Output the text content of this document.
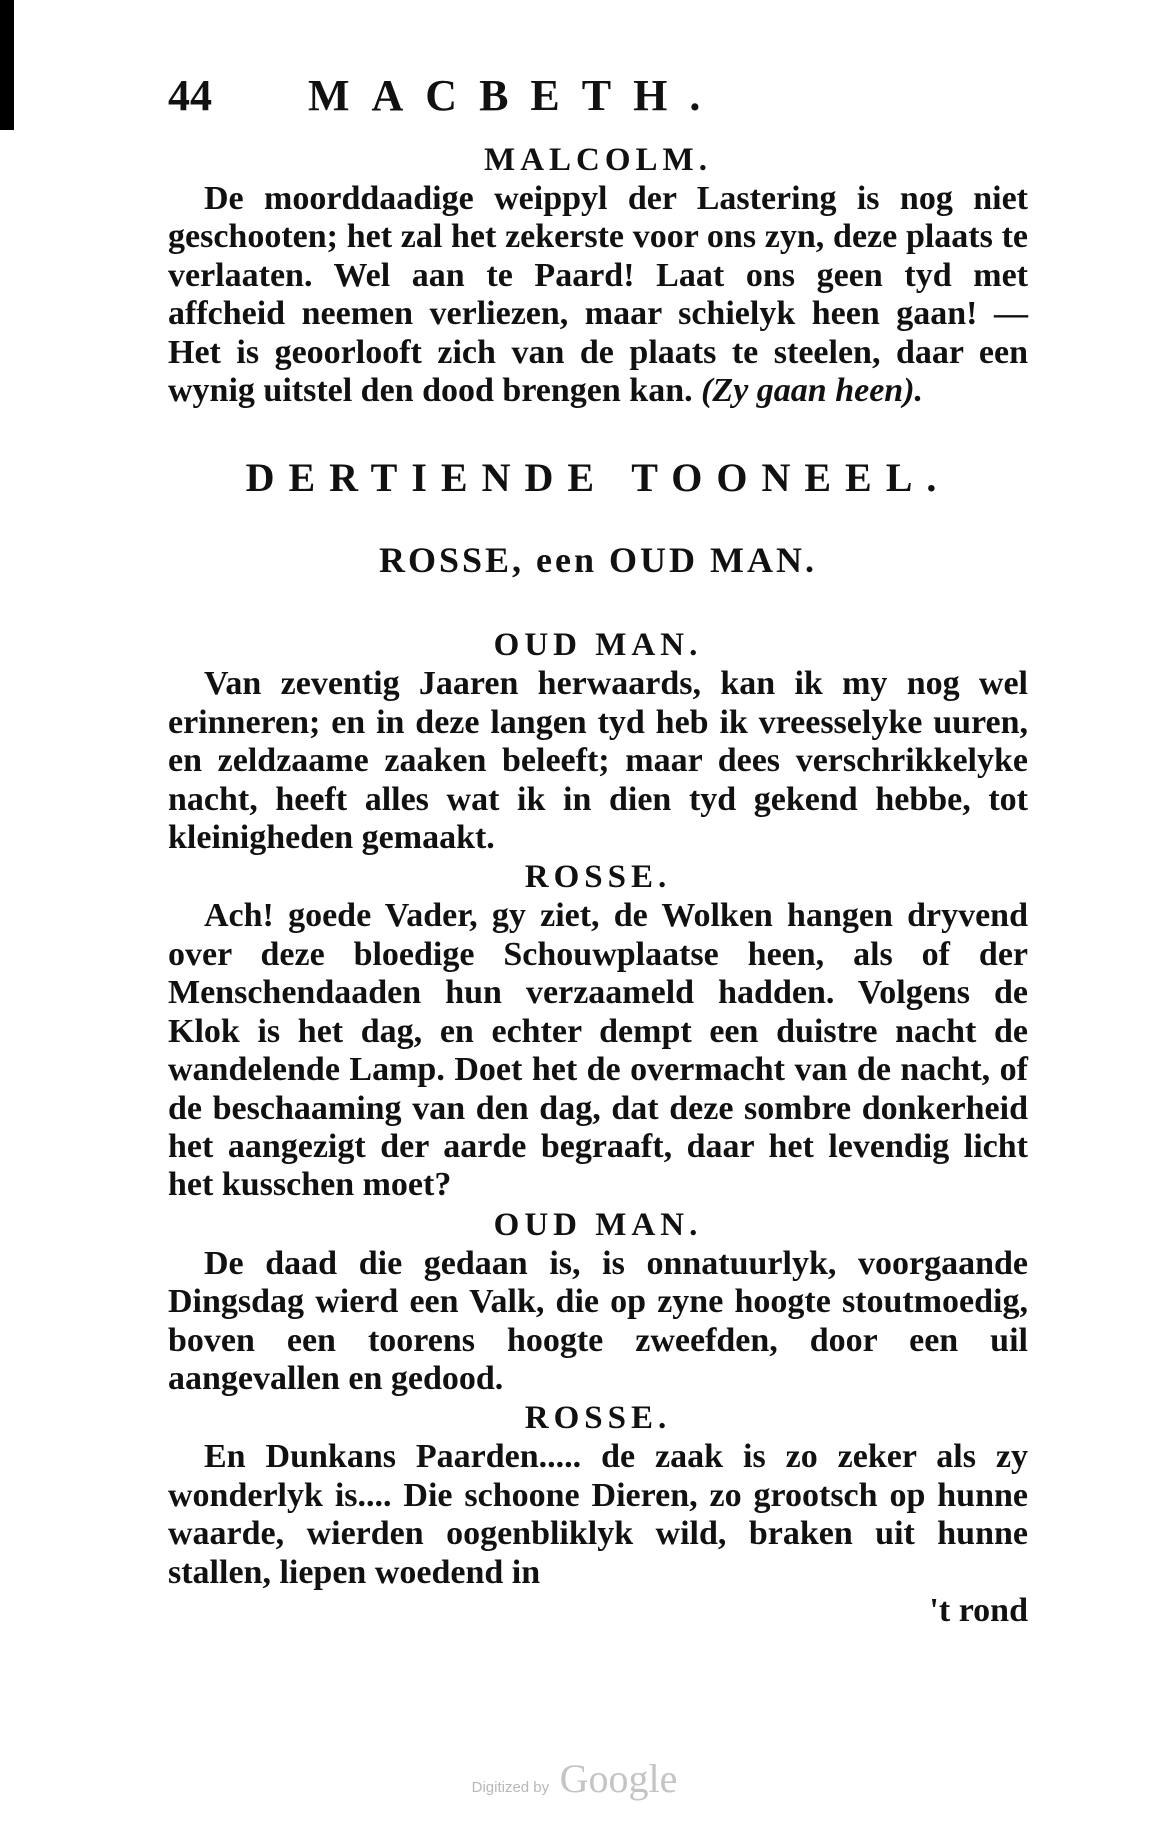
44	MACBETH.

MALCOLM.

De moorddaadige weippyl der Lastering is nog niet geschooten; het zal het zekerste voor ons zyn, deze plaats te verlaaten. Wel aan te Paard! Laat ons geen tyd met affcheid neemen verliezen, maar schielyk heen gaan! — Het is geoorlooft zich van de plaats te steelen, daar een wynig uitstel den dood brengen kan. (Zy gaan heen).

DERTIENDE TOONEEL.
ROSSE, een OUD MAN.

OUD MAN.

Van zeventig Jaaren herwaards, kan ik my nog wel erinneren; en in deze langen tyd heb ik vreesselyke uuren, en zeldzaame zaaken beleeft; maar dees verschrikkelyke nacht, heeft alles wat ik in dien tyd gekend hebbe, tot kleinigheden gemaakt.

ROSSE.

Ach! goede Vader, gy ziet, de Wolken hangen dryvend over deze bloedige Schouwplaatse heen, als of der Menschendaaden hun verzaameld hadden. Volgens de Klok is het dag, en echter dempt een duistre nacht de wandelende Lamp. Doet het de overmacht van de nacht, of de beschaaming van den dag, dat deze sombre donkerheid het aangezigt der aarde begraaft, daar het levendig licht het kusschen moet?

OUD MAN.

De daad die gedaan is, is onnatuurlyk, voorgaande Dingsdag wierd een Valk, die op zyne hoogte stoutmoedig, boven een toorens hoogte zweefden, door een uil aangevallen en gedood.

ROSSE.

En Dunkans Paarden..... de zaak is zo zeker als zy wonderlyk is.... Die schoone Dieren, zo grootsch op hunne waarde, wierden oogenbliklyk wild, braken uit hunne stallen, liepen woedend in

't rond

Digitized by Google
